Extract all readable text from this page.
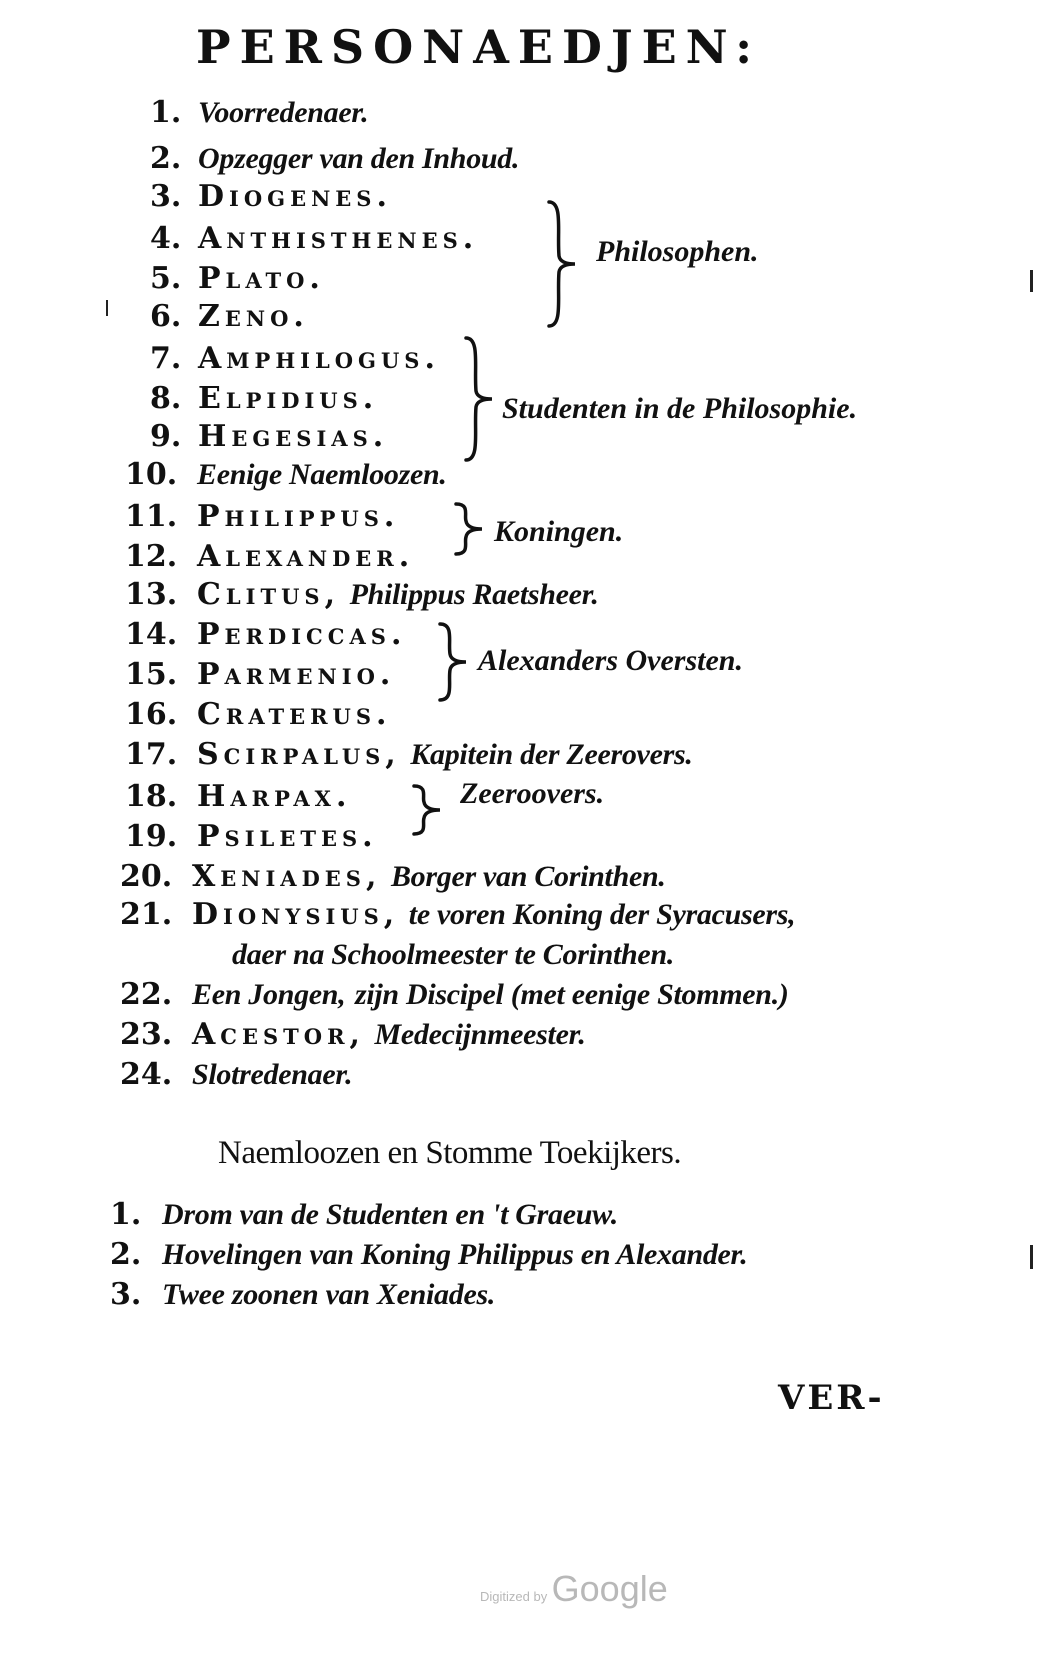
PERSONAEDJEN:
1. Voorredenaer.
2. Opzegger van den Inhoud.
3. Diogenes.
4. Anthisthenes.
5. Plato.
6. Zeno.
7. Amphilogus.
8. Elpidius.
9. Hegesias.
10. Eenige Naemloozen.
11. Philippus.
12. Alexander.
13. Clitus, Philippus Raetsheer.
14. Perdiccas.
15. Parmenio.
16. Craterus.
17. Scirpalus, Kapitein der Zeerovers.
18. Harpax.
19. Psiletes.
20. Xeniades, Borger van Corinthen.
21. Dionysius, te voren Koning der Syracusers,
daer na Schoolmeester te Corinthen.
22. Een Jongen, zijn Discipel (met eenige Stommen.)
23. Acestor, Medecijnmeester.
24. Slotredenaer.
Philosophen.
Studenten in de Philosophie.
Koningen.
Alexanders Oversten.
Zeeroovers.
Naemloozen en Stomme Toekijkers.
1. Drom van de Studenten en 't Graeuw.
2. Hovelingen van Koning Philippus en Alexander.
3. Twee zoonen van Xeniades.
VER-
Digitized by Google
